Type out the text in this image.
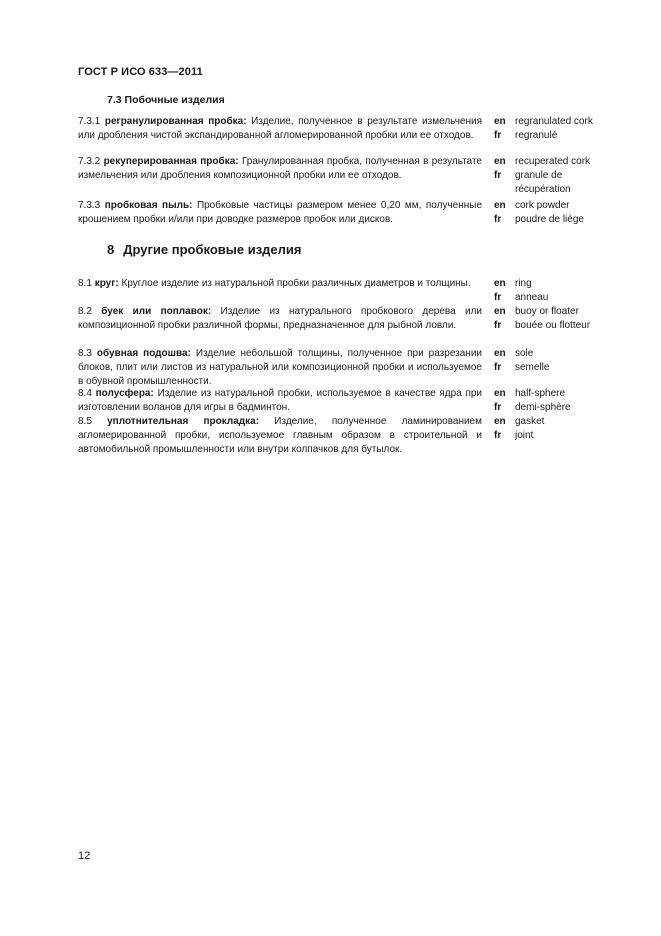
ГОСТ Р ИСО 633—2011
7.3 Побочные изделия

7.3.1 регранулированная пробка: Изделие, полученное в результате измельчения или дробления чистой экспандированной агломерированной пробки или ее отходов.

en regranulated cork
fr	regranulé

7.3.2 рекуперированная пробка: Гранулированная пробка, полученная в результате измельчения или дробления композиционной пробки или ее отходов.

en recuperated cork
fr	granule de récupération

7.3.3 пробковая пыль: Пробковые частицы размером менее 0,20 мм, полученные крошением пробки и/или при доводке размеров пробок или дисков.

en cork powder
fr	poudre de liège
8 Другие пробковые изделия

8.1 круг: Круглое изделие из натуральной пробки различных диаметров и толщины.	en ring
fr	anneau

8.2 буек или поплавок: Изделие из натурального пробкового дерева или композиционной пробки различной формы, предназначенное для рыбной ловли.

en buoy or floater
fr	bouée ou flotteur

8.3 обувная подошва: Изделие небольшой толщины, полученное при разрезании блоков, плит или листов из натуральной или композиционной пробки и используемое в обувной промышленности.

en sole
fr	semelle

8.4 полусфера: Изделие из натуральной пробки, используемое в качестве ядра при изготовлении воланов для игры в бадминтон.

en half-sphere
fr	demi-sphère

8.5 уплотнительная прокладка: Изделие, полученное ламинированием агломерированной пробки, используемое главным образом в строительной и автомобильной промышленности или внутри колпачков для бутылок.

en gasket
fr	joint
12
